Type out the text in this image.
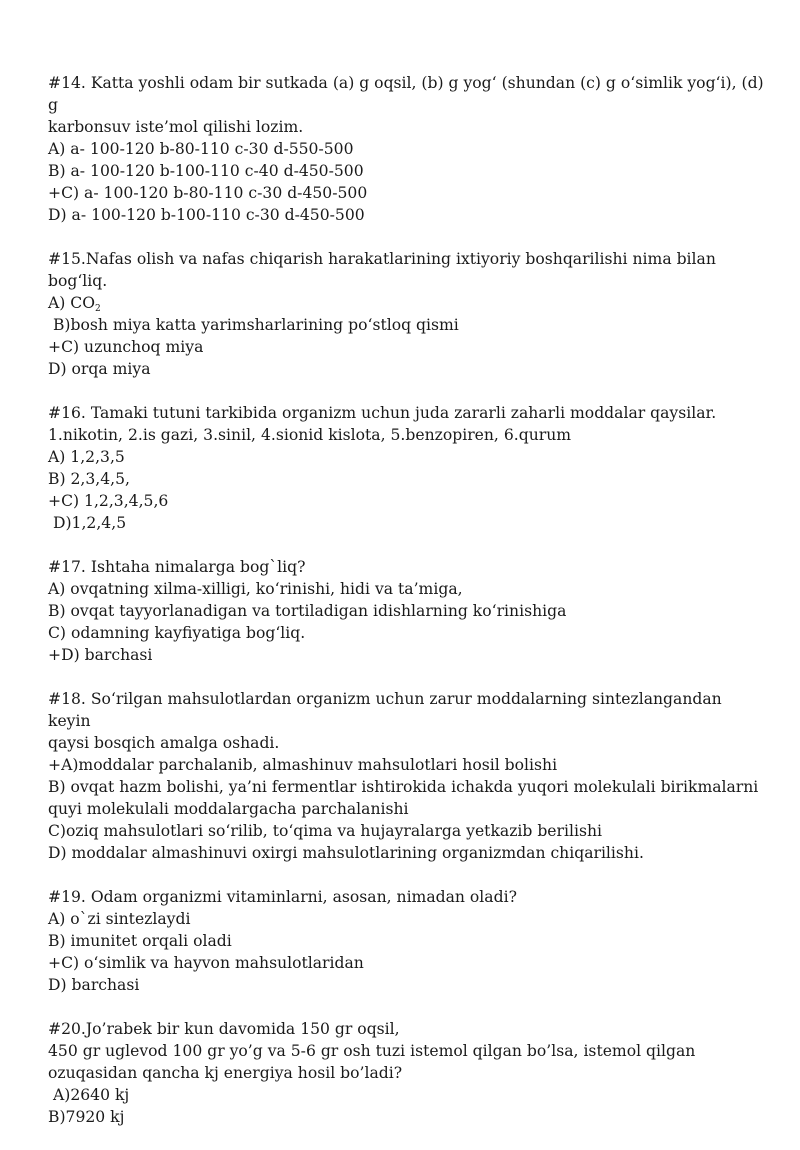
#14. Katta yoshli odam bir sutkada (a) g oqsil, (b) g yog‘ (shundan (c) g o‘simlik yog‘i), (d) g
karbonsuv iste’mol qilishi lozim.
A) a- 100-120 b-80-110 c-30 d-550-500
B) a- 100-120 b-100-110 c-40 d-450-500
+C) a- 100-120 b-80-110 c-30 d-450-500
D) a- 100-120 b-100-110 c-30 d-450-500
#15.Nafas olish va nafas chiqarish harakatlarining ixtiyoriy boshqarilishi nima bilan
bog‘liq.
A) $CO_2$
B)bosh miya katta yarimsharlarining po‘stloq qismi
+C) uzunchoq miya
D) orqa miya
#16. Tamaki tutuni tarkibida organizm uchun juda zararli zaharli moddalar qaysilar.
1.nikotin, 2.is gazi, 3.sinil, 4.sionid kislota, 5.benzopiren, 6.qurum
A) 1,2,3,5
B) 2,3,4,5,
+C) 1,2,3,4,5,6
D)1,2,4,5
#17. Ishtaha nimalarga bog`liq?
A) ovqatning xilma-xilligi, ko‘rinishi, hidi va ta’miga,
B) ovqat tayyorlanadigan va tortiladigan idishlarning ko‘rinishiga
C) odamning kayfiyatiga bog‘liq.
+D) barchasi
#18. So‘rilgan mahsulotlardan organizm uchun zarur moddalarning sintezlangandan keyin
qaysi bosqich amalga oshadi.
+A)moddalar parchalanib, almashinuv mahsulotlari hosil bolishi
B) ovqat hazm bolishi, ya’ni fermentlar ishtirokida ichakda yuqori molekulali birikmalarni
quyi molekulali moddalargacha parchalanishi
C)oziq mahsulotlari so‘rilib, to‘qima va hujayralarga yetkazib berilishi
D) moddalar almashinuvi oxirgi mahsulotlarining organizmdan chiqarilishi.
#19. Odam organizmi vitaminlarni, asosan, nimadan oladi?
A) o`zi sintezlaydi
B) imunitet orqali oladi
+C) o‘simlik va hayvon mahsulotlaridan
D) barchasi
#20.Jo’rabek bir kun davomida 150 gr oqsil,
450 gr uglevod 100 gr yo’g va 5-6 gr osh tuzi istemol qilgan bo’lsa, istemol qilgan
ozuqasidan qancha kj energiya hosil bo’ladi?
A)2640 kj
B)7920 kj
